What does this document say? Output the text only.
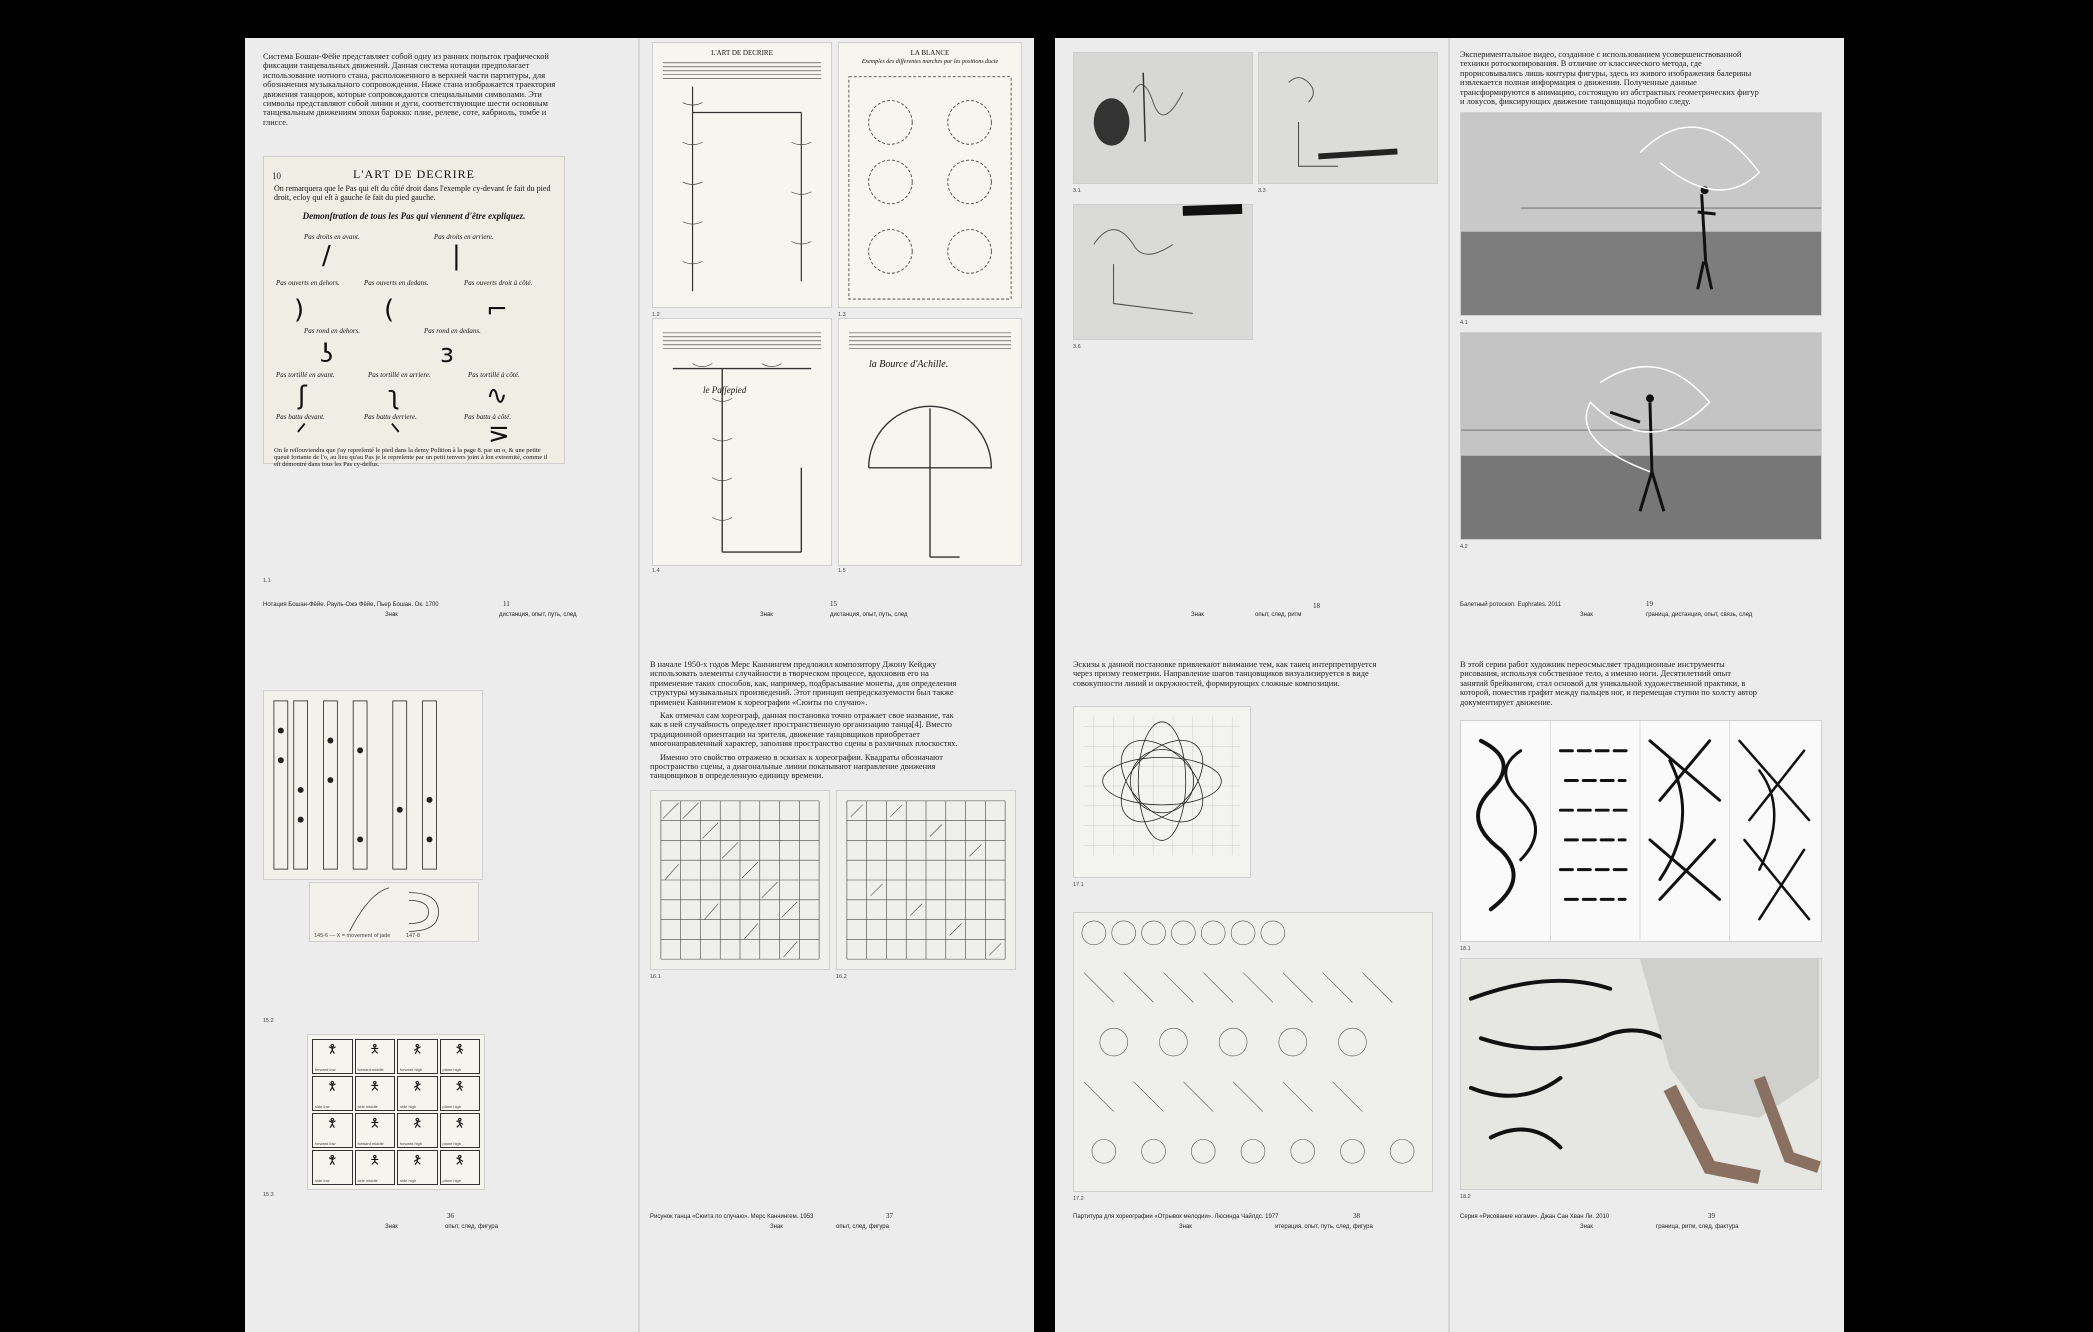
Система Бошан-Фёйе представляет собой одну из ранних попыток графической фиксации танцевальных движений. Данная система нотации предполагает использование нотного стана, расположенного в верхней части партитуры, для обозначения музыкального сопровождения. Ниже стана изображается траектория движения танцоров, которые сопровождаются специальными символами. Эти символы представляют собой линии и дуги, соответствующие шести основным танцевальным движениям эпохи барокко: плие, релеве, соте, кабриоль, томбе и глиссе.

10	L'ART DE DECRIRE
On remarquera que le Pas qui eſt du côté droit dans l'exemple cy-devant ſe fait du pied droit, ecloy qui eſt à gauche ſe fait du pied gauche.
Demonſtration de tous les Pas qui viennent d'être expliquez.
Pas droits en avant.	Pas droits en arriere.
/	|
Pas ouverts en dehors.	Pas ouverts en dedans.	Pas ouverts droit à côté.
)	(	⌐
Pas rond en dehors.	Pas rond en dedans.
ʖ	ɜ
Pas tortillé en avant.	Pas tortillé en arriere.	Pas tortillé à côté.
ʃ	ʅ	∿
Pas battu devant.	Pas battu derriere.	Pas battu à côté.
ᐟ	ᐠ	⋝
On ſe reſſouviendra que j'ay repreſenté le pied dans la demy Poſition à la page 8. par un o, & une petite queuë fortante de l'o, au lieu qu'au Pas je le repreſente par un petit tenvers joint à ſon extremité, comme il eſt démontré dans tous les Pas cy-deſſus.
1.1
Нотация Бошан-Фёйе. Рауль-Ожэ Фёйе, Пьер Бошан. Ок. 1700	11
Знак	дистанция, опыт, путь, след
L'ART DE DECRIRE	LA BLANCE
Exemples des differentes marches par les positions ducte
1.2	1.3
le Paſſepied
la Bource d'Achille.
1.4	1.5
15
Знак	дистанция, опыт, путь, след
3.1	3.3
3.6
18
Знак	опыт, след, ритм
Экспериментальное видео, созданное с использованием усовершенствованной техники ротоскопирования. В отличие от классического метода, где прорисовывались лишь контуры фигуры, здесь из живого изображения балерины извлекается полная информация о движении. Полученные данные трансформируются в анимацию, состоящую из абстрактных геометрических фигур и локусов, фиксирующих движение танцовщицы подобно следу.
4.1
4.2
Балетный ротоскоп. Euphrates. 2011	19
Знак	граница, дистанция, опыт, связь, след
145-6 — X = movement of jade	147-8
15.2
🯆
forward low
🯅
forward middle
🯇
forward high
🯈
plane high
🯆
side low
🯅
side middle
🯇
side high
🯈
plane high
🯆
forward low
🯅
forward middle
🯇
forward high
🯈
plane high
🯆
side low
🯅
side middle
🯇
side high
🯈
plane high
15.3
36
Знак	опыт, след, фигура

В начале 1950-х годов Мерс Каннингем предложил композитору Джону Кейджу использовать элементы случайности в творческом процессе, вдохновив его на применение таких способов, как, например, подбрасывание монеты, для определения структуры музыкальных произведений. Этот принцип непредсказуемости был также применен Каннингемом к хореографии «Сюиты по случаю».

Как отмечал сам хореограф, данная постановка точно отражает свое название, так как в ней случайность определяет пространственную организацию танца[4]. Вместо традиционной ориентации на зрителя, движение танцовщиков приобретает многонаправленный характер, заполняя пространство сцены в различных плоскостях.

Именно это свойство отражено в эскизах к хореографии. Квадраты обозначают пространство сцены, а диагональные линии показывают направление движения танцовщиков в определенную единицу времени.

16.1	16.2
Рисунок танца «Сюита по случаю». Мерс Каннингем. 1953	37
Знак	опыт, след, фигура
Эскизы к данной постановке привлекают внимание тем, как танец интерпретируется через призму геометрии. Направление шагов танцовщиков визуализируется в виде совокупности линий и окружностей, формирующих сложные композиции.
17.1
17.2
Партитура для хореографии «Отрывок мелодии». Люсинда Чайлдс. 1977	38
Знак	итерация, опыт, путь, след, фигура
В этой серии работ художник переосмысляет традиционные инструменты рисования, используя собственное тело, а именно ноги. Десятилетний опыт занятий брейкингом, стал основой для уникальной художественной практики, в которой, поместив графит между пальцев ног, и перемещая ступни по холсту автор документирует движение.
18.1
18.2
Серия «Рисование ногами». Джан Сан Хван Ли. 2010	39
Знак	граница, ритм, след, фактура
